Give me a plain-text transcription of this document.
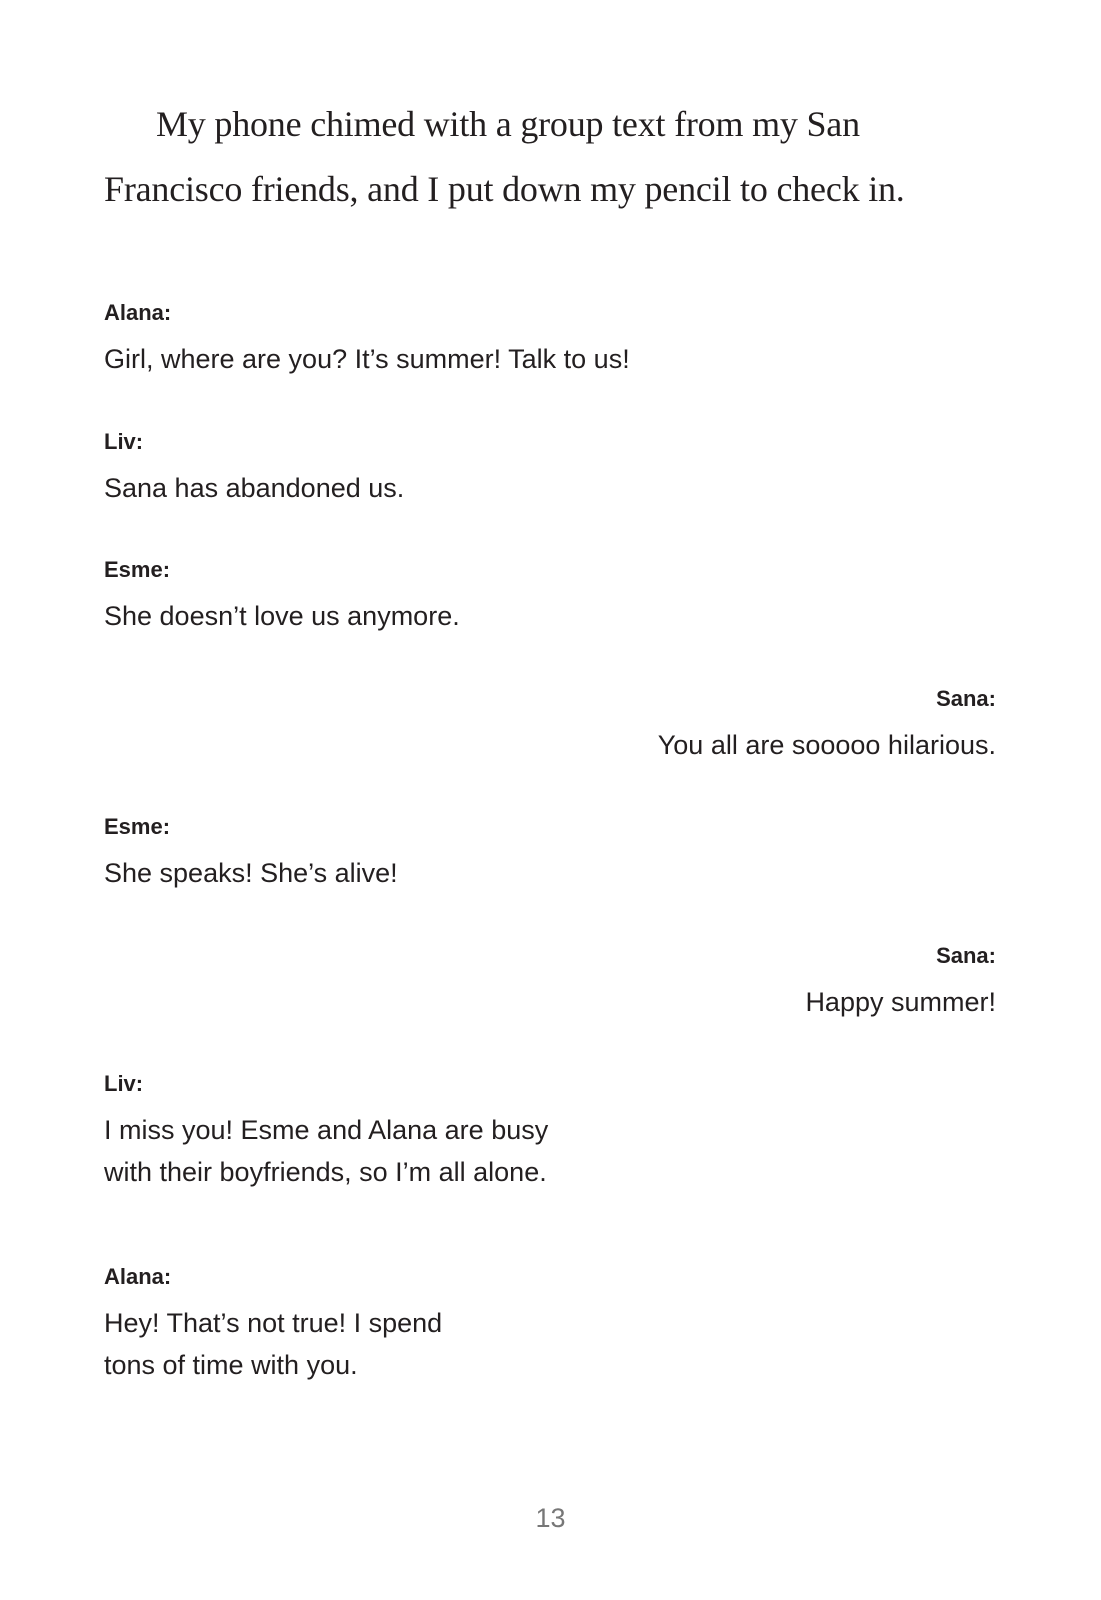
My phone chimed with a group text from my San Francisco friends, and I put down my pencil to check in.

Alana:
Girl, where are you? It’s summer! Talk to us!
Liv:
Sana has abandoned us.
Esme:
She doesn’t love us anymore.
Sana:
You all are sooooo hilarious.
Esme:
She speaks! She’s alive!
Sana:
Happy summer!
Liv:
I miss you! Esme and Alana are busy
with their boyfriends, so I’m all alone.
Alana:
Hey! That’s not true! I spend
tons of time with you.
13
